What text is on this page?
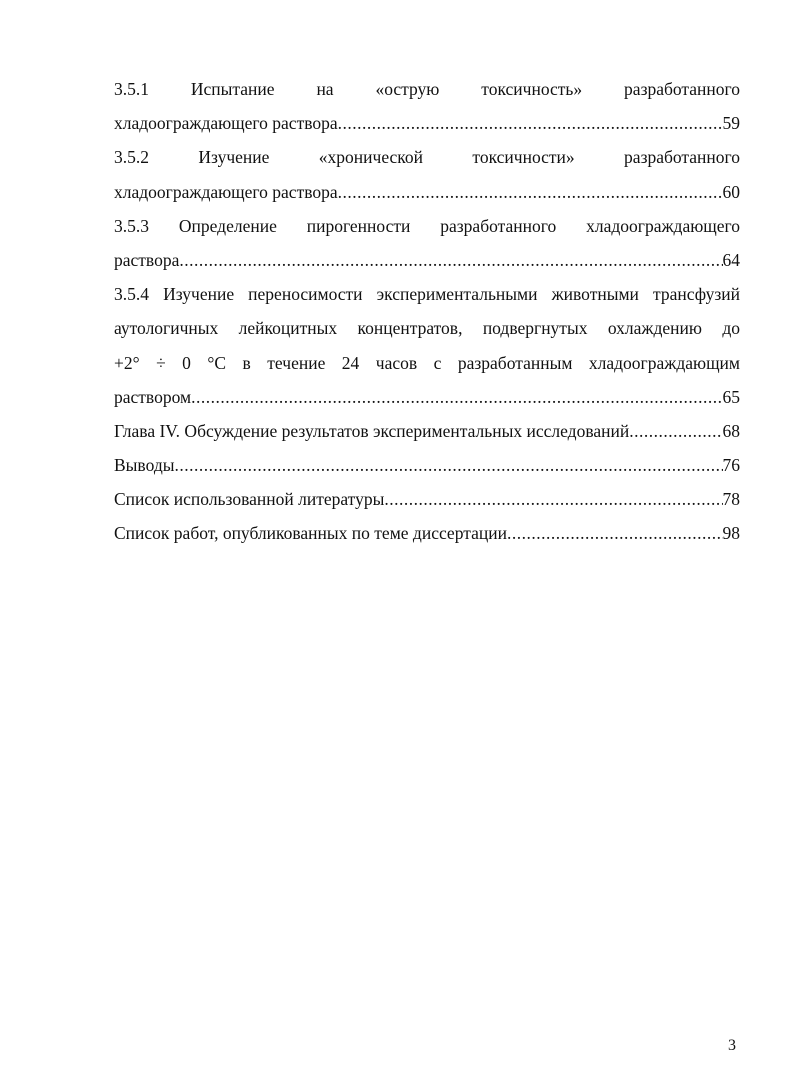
3.5.1 Испытание на «острую токсичность» разработанного
хладоограждающего раствора .....	59
3.5.2	Изучение	«хронической	токсичности»	разработанного
хладоограждающего раствора .....	60
3.5.3 Определение пирогенности разработанного хладоограждающего
раствора .....	64
3.5.4 Изучение переносимости экспериментальными животными трансфузий
аутологичных лейкоцитных концентратов, подвергнутых охлаждению до
+2° ÷ 0 °С в течение 24 часов с разработанным хладоограждающим
раствором .....	65
Глава IV. Обсуждение результатов экспериментальных исследований .....	68
Выводы .....	76
Список использованной литературы .....	78
Список работ, опубликованных по теме диссертации .....	98
3
